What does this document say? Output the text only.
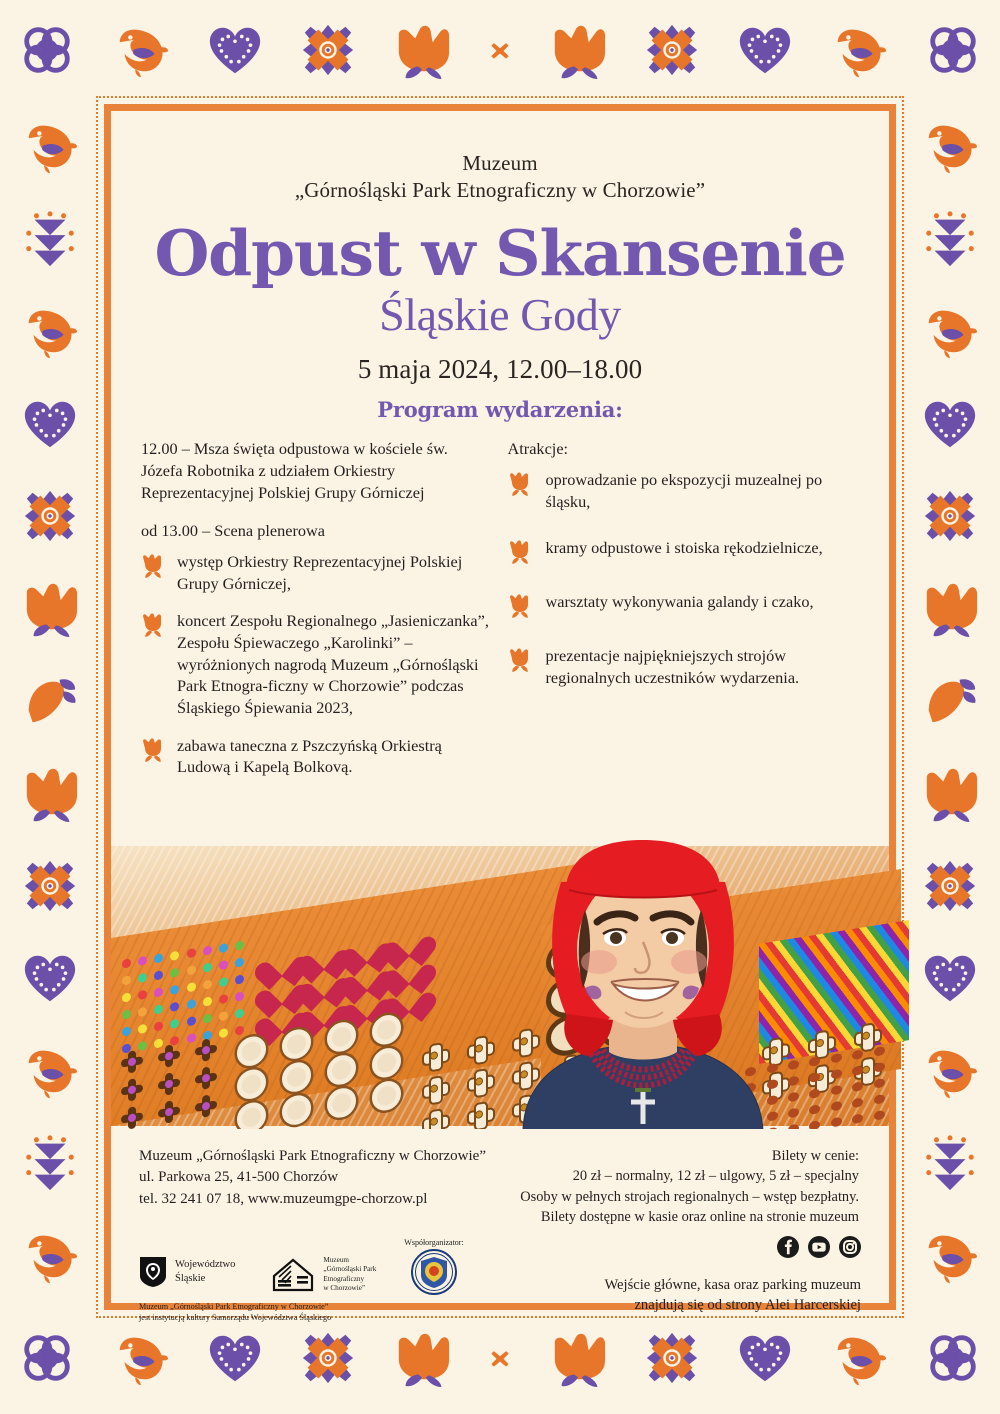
Muzeum
„Górnośląski Park Etnograficzny w Chorzowie”
Odpust w Skansenie
Śląskie Gody
5 maja 2024, 12.00–18.00
Program wydarzenia:
12.00 – Msza święta odpustowa w kościele św. Józefa Robotnika z udziałem Orkiestry Reprezentacyjnej Polskiej Grupy Górniczej
od 13.00 – Scena plenerowa
występ Orkiestry Reprezentacyjnej Polskiej Grupy Górniczej,
koncert Zespołu Regionalnego „Jasieniczanka”, Zespołu Śpiewaczego „Karolinki” – wyróżnionych nagrodą Muzeum „Górnośląski Park Etnogra-ficzny w Chorzowie” podczas Śląskiego Śpiewania 2023,
zabawa taneczna z Pszczyńską Orkiestrą Ludową i Kapelą Bolkovą.
Atrakcje:
oprowadzanie po ekspozycji muzealnej po śląsku,
kramy odpustowe i stoiska rękodzielnicze,
warsztaty wykonywania galandy i czako,
prezentacje najpiękniejszych strojów regionalnych uczestników wydarzenia.
Muzeum „Górnośląski Park Etnograficzny w Chorzowie”
ul. Parkowa 25, 41-500 Chorzów
tel. 32 241 07 18, www.muzeumgpe-chorzow.pl
Bilety w cenie:
20 zł – normalny, 12 zł – ulgowy, 5 zł – specjalny
Osoby w pełnych strojach regionalnych – wstęp bezpłatny.
Bilety dostępne w kasie oraz online na stronie muzeum
Województwo
Śląskie
Muzeum
„Górnośląski Park
Etnograficzny
w Chorzowie”
Współorganizator:
Muzeum „Górnośląski Park Etnograficzny w Chorzowie”
jest instytucją kultury Samorządu Województwa Śląskiego
Wejście główne, kasa oraz parking muzeum
znajdują się od strony Alei Harcerskiej
